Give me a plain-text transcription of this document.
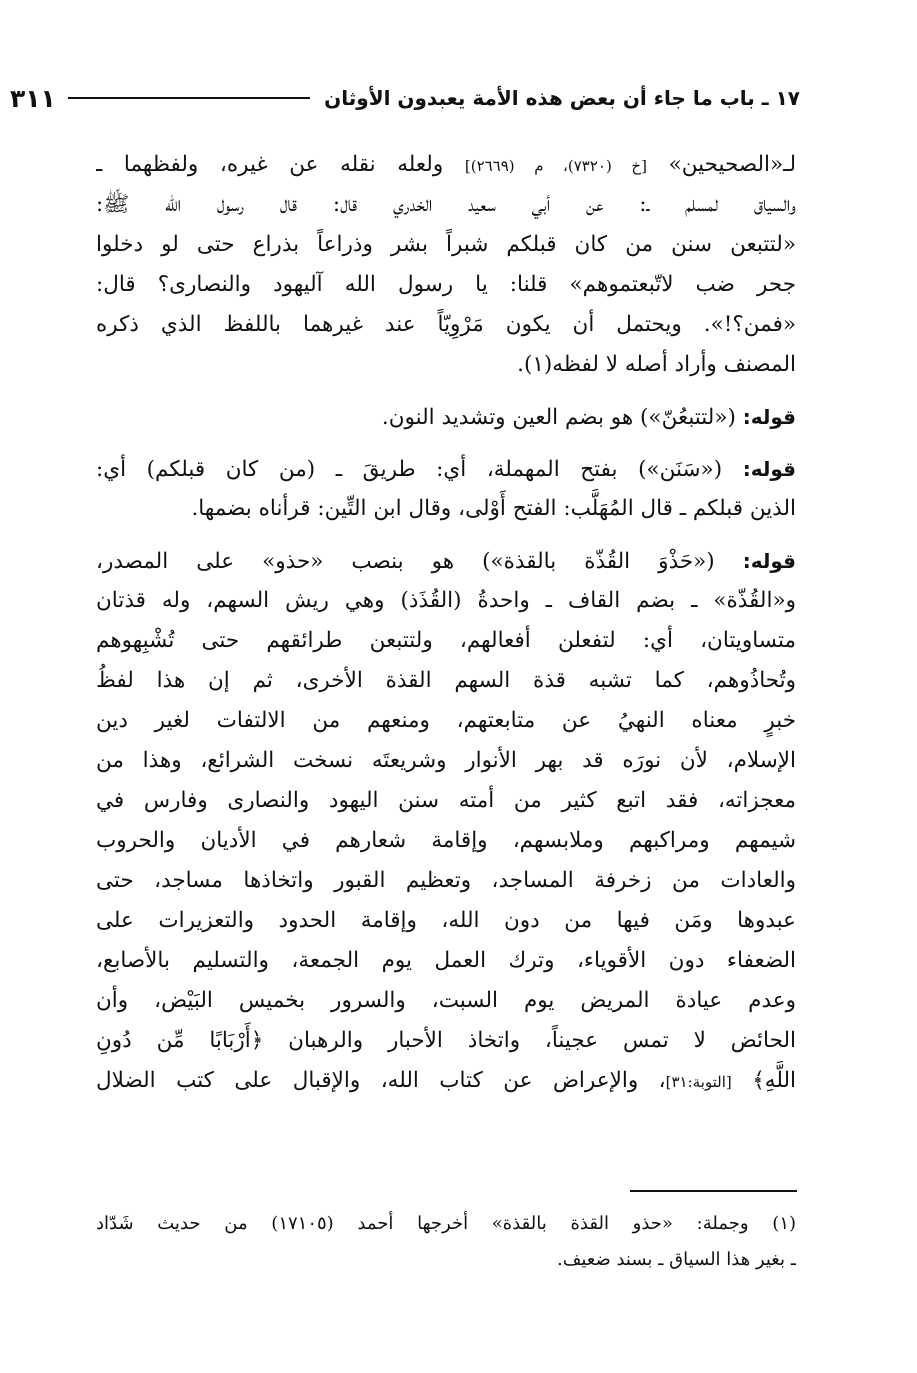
١٧ ـ باب ما جاء أن بعض هذه الأمة يعبدون الأوثان
٣١١
لـ«الصحيحين» [خ (٧٣٢٠)، م (٢٦٦٩)] ولعله نقله عن غيره، ولفظهما ـ
والسياق لمسلم ـ: عن أبي سعيد الخدري قال: قال رسول الله ﷺ:
«لتتبعن سنن من كان قبلكم شبراً بشر وذراعاً بذراع حتى لو دخلوا
جحر ضب لاتّبعتموهم» قلنا: يا رسول الله آليهود والنصارى؟ قال:
«فمن؟!». ويحتمل أن يكون مَرْوِيّاً عند غيرهما باللفظ الذي ذكره
المصنف وأراد أصله لا لفظه(١).
قوله: («لتتبعُنّ») هو بضم العين وتشديد النون.
قوله: («سَنَن») بفتح المهملة، أي: طريقَ ـ (من كان قبلكم) أي:
الذين قبلكم ـ قال المُهَلَّب: الفتح أَوْلى، وقال ابن التِّين: قرأناه بضمها.
قوله: («حَذْوَ القُذّة بالقذة») هو بنصب «حذو» على المصدر،
و«القُذّة» ـ بضم القاف ـ واحدةُ (القُذَذ) وهي ريش السهم، وله قذتان
متساويتان، أي: لتفعلن أفعالهم، ولتتبعن طرائقهم حتى تُشْبِهوهم
وتُحاذُوهم، كما تشبه قذة السهم القذة الأخرى، ثم إن هذا لفظُ
خبرٍ معناه النهيُ عن متابعتهم، ومنعهم من الالتفات لغير دين
الإسلام، لأن نورَه قد بهر الأنوار وشريعتَه نسخت الشرائع، وهذا من
معجزاته، فقد اتبع كثير من أمته سنن اليهود والنصارى وفارس في
شيمهم ومراكبهم وملابسهم، وإقامة شعارهم في الأديان والحروب
والعادات من زخرفة المساجد، وتعظيم القبور واتخاذها مساجد، حتى
عبدوها ومَن فيها من دون الله، وإقامة الحدود والتعزيرات على
الضعفاء دون الأقوياء، وترك العمل يوم الجمعة، والتسليم بالأصابع،
وعدم عيادة المريض يوم السبت، والسرور بخميس البَيْض، وأن
الحائض لا تمس عجيناً، واتخاذ الأحبار والرهبان ﴿أَرْبَابًا مِّن دُونِ
اللَّهِ﴾ [التوبة:٣١]، والإعراض عن كتاب الله، والإقبال على كتب الضلال
(١) وجملة: «حذو القذة بالقذة» أخرجها أحمد (١٧١٠٥) من حديث شَدّاد
ـ بغير هذا السياق ـ بسند ضعيف.
